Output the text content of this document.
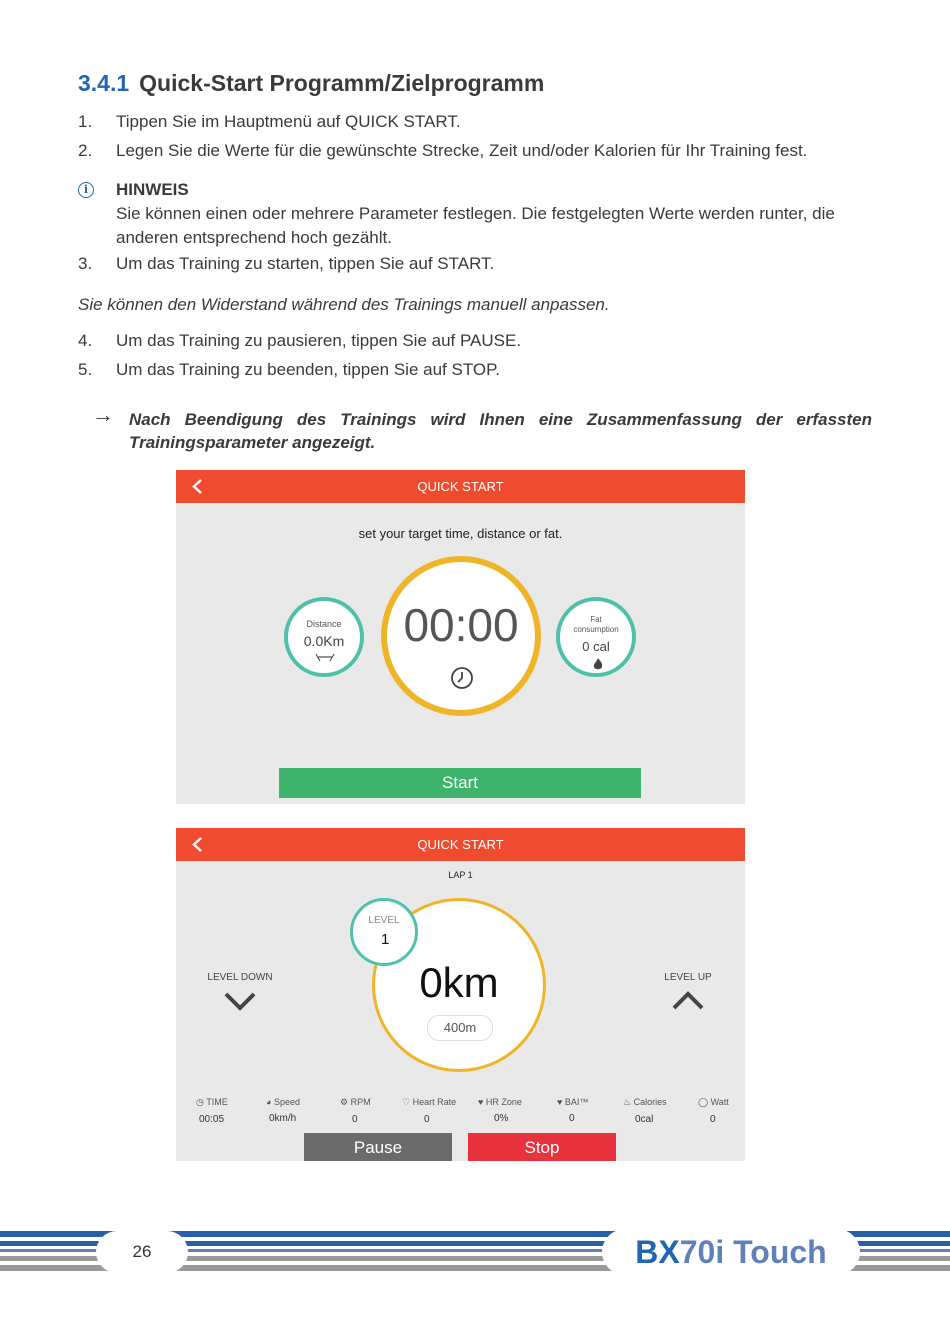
3.4.1 Quick-Start Programm/Zielprogramm
1. Tippen Sie im Hauptmenü auf QUICK START.
2. Legen Sie die Werte für die gewünschte Strecke, Zeit und/oder Kalorien für Ihr Training fest.
i	HINWEIS
Sie können einen oder mehrere Parameter festlegen. Die festgelegten Werte werden runter, die anderen entsprechend hoch gezählt.
3. Um das Training zu starten, tippen Sie auf START.
Sie können den Widerstand während des Trainings manuell anpassen.
4. Um das Training zu pausieren, tippen Sie auf PAUSE.
5. Um das Training zu beenden, tippen Sie auf STOP.
→ Nach Beendigung des Trainings wird Ihnen eine Zusammenfassung der erfassten Trainingsparameter angezeigt.
QUICK START
set your target time, distance or fat.
Distance
0.0Km	00:00	Fat
consumption
0 cal
Start
QUICK START
LAP 1
0km
400m
LEVEL
1
LEVEL DOWN	LEVEL UP
Pause	Stop
◷ TIME
00:05
◕ Speed
0km/h
⚙ RPM
0
♡ Heart Rate
0
♥ HR Zone
0%
♥ BAI™
0
♨ Calories
0cal
◯ Watt
0
26	BX70i Touch
